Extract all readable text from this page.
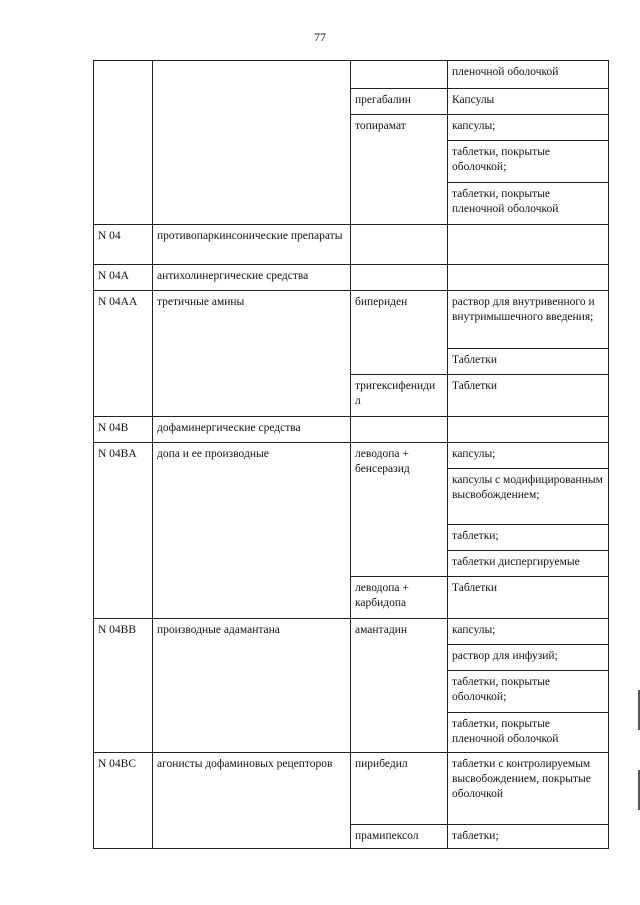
77
			пленочной оболочкой
		прегабалин	Капсулы
		топирамат	капсулы;
			таблетки, покрытые оболочкой;
			таблетки, покрытые пленочной оболочкой
N 04	противопаркинсонические препараты		
N 04A	антихолинергические средства		
N 04AA	третичные амины	бипериден	раствор для внутривенного и внутримышечного введения;
			Таблетки
		тригексифениди л	Таблетки
N 04B	дофаминергические средства		
N 04BA	допа и ее производные	леводопа + бенсеразид	капсулы;
			капсулы с модифицированным высвобождением;
			таблетки;
			таблетки диспергируемые
		леводопа + карбидопа	Таблетки
N 04BB	производные адамантана	амантадин	капсулы;
			раствор для инфузий;
			таблетки, покрытые оболочкой;
			таблетки, покрытые пленочной оболочкой
N 04BC	агонисты дофаминовых рецепторов	пирибедил	таблетки с контролируемым высвобождением, покрытые оболочкой
		прамипексол	таблетки;
